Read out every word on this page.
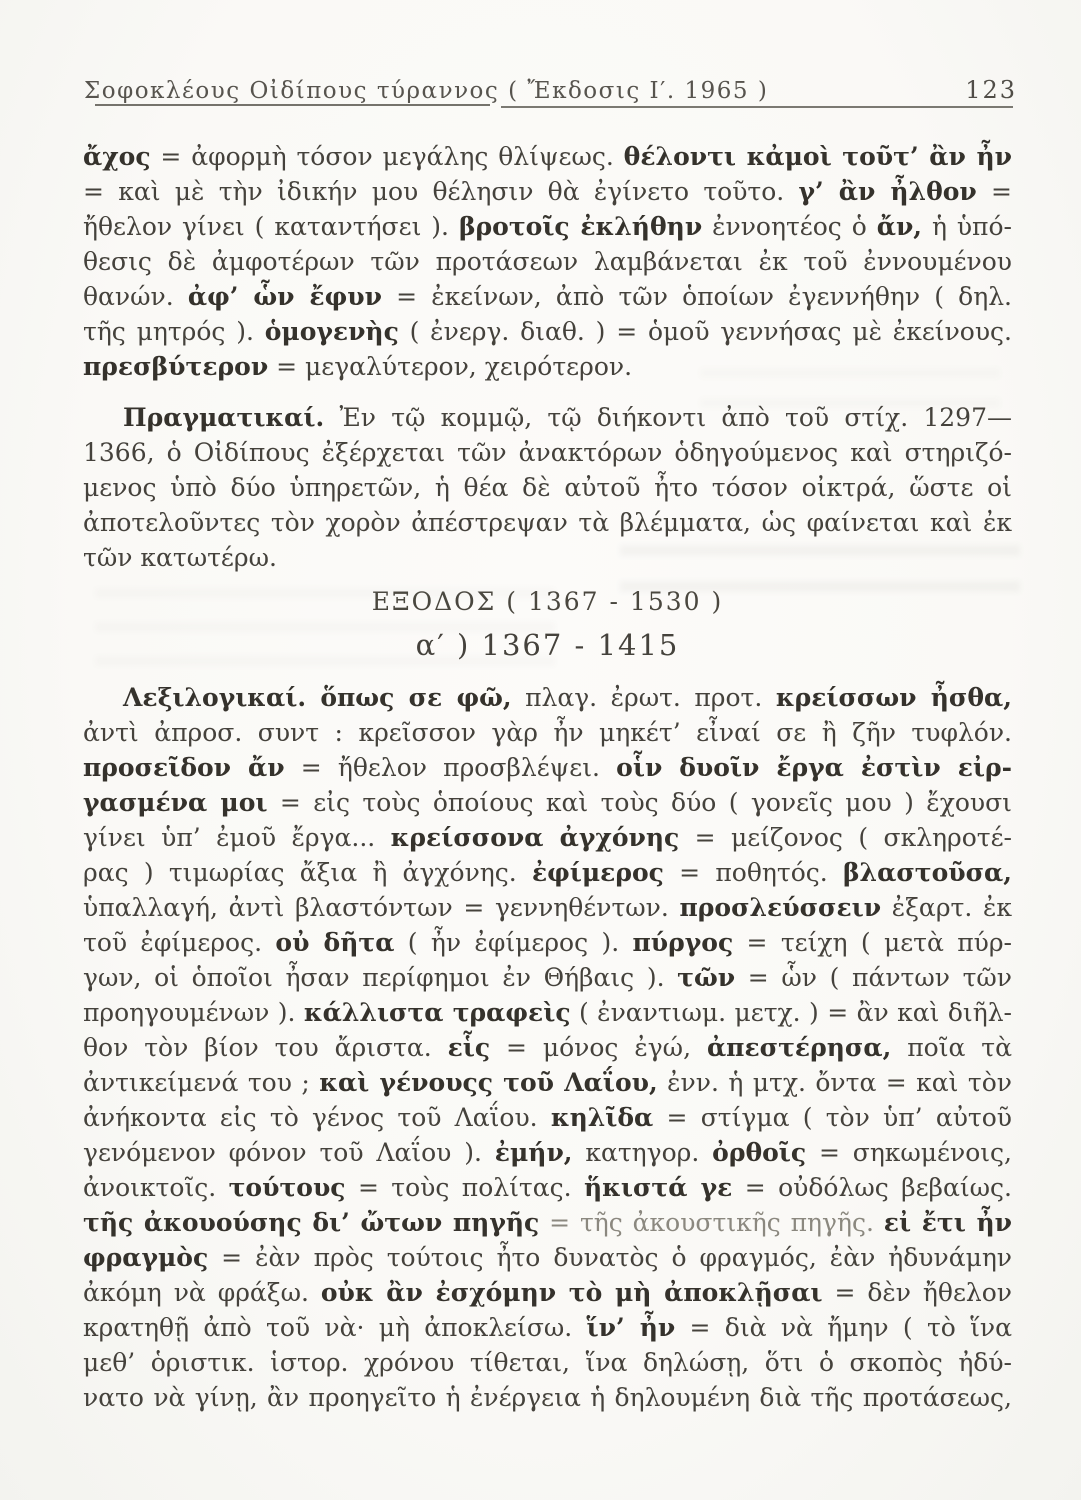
Σοφοκλέους Οἰδίπους τύραννος ( Ἔκδοσις Ι′. 1965 )	123
ἄχος = ἀφορμὴ τόσον μεγάλης θλίψεως. θέλοντι κἀμοὶ τοῦτ’ ἂν ἦν
= καὶ μὲ τὴν ἰδικήν μου θέλησιν θὰ ἐγίνετο τοῦτο. γ’ ἂν ἦλθον =
ἤθελον γίνει ( καταντήσει ). βροτοῖς ἐκλήθην ἐννοητέος ὁ ἄν, ἡ ὑπό-
θεσις δὲ ἀμφοτέρων τῶν προτάσεων λαμβάνεται ἐκ τοῦ ἐννουμένου
θανών. ἀφ’ ὧν ἔφυν = ἐκείνων, ἀπὸ τῶν ὁποίων ἐγεννήθην ( δηλ.
τῆς μητρός ). ὁμογενὴς ( ἐνεργ. διαθ. ) = ὁμοῦ γεννήσας μὲ ἐκείνους.
πρεσβύτερον = μεγαλύτερον, χειρότερον.
Πραγματικαί. Ἐν τῷ κομμῷ, τῷ διήκοντι ἀπὸ τοῦ στίχ. 1297—
1366, ὁ Οἰδίπους ἐξέρχεται τῶν ἀνακτόρων ὁδηγούμενος καὶ στηριζό-
μενος ὑπὸ δύο ὑπηρετῶν, ἡ θέα δὲ αὐτοῦ ἦτο τόσον οἰκτρά, ὥστε οἱ
ἀποτελοῦντες τὸν χορὸν ἀπέστρεψαν τὰ βλέμματα, ὡς φαίνεται καὶ ἐκ
τῶν κατωτέρω.
ΕΞΟΔΟΣ ( 1367 - 1530 )
α′ ) 1367 - 1415
Λεξιλογικαί. ὅπως σε φῶ, πλαγ. ἐρωτ. προτ. κρείσσων ἦσθα,
ἀντὶ ἀπροσ. συντ : κρεῖσσον γὰρ ἦν μηκέτ’ εἶναί σε ἢ ζῆν τυφλόν.
προσεῖδον ἄν = ἤθελον προσβλέψει. οἷν δυοῖν ἔργα ἐστὶν εἰρ-
γασμένα μοι = εἰς τοὺς ὁποίους καὶ τοὺς δύο ( γονεῖς μου ) ἔχουσι
γίνει ὑπ’ ἐμοῦ ἔργα... κρείσσονα ἀγχόνης = μείζονος ( σκληροτέ-
ρας ) τιμωρίας ἄξια ἢ ἀγχόνης. ἐφίμερος = ποθητός. βλαστοῦσα,
ὑπαλλαγή, ἀντὶ βλαστόντων = γεννηθέντων. προσλεύσσειν ἐξαρτ. ἐκ
τοῦ ἐφίμερος. οὐ δῆτα ( ἦν ἐφίμερος ). πύργος = τείχη ( μετὰ πύρ-
γων, οἱ ὁποῖοι ἦσαν περίφημοι ἐν Θήβαις ). τῶν = ὧν ( πάντων τῶν
προηγουμένων ). κάλλιστα τραφεὶς ( ἐναντιωμ. μετχ. ) = ἂν καὶ διῆλ-
θον τὸν βίον του ἄριστα. εἷς = μόνος ἐγώ, ἀπεστέρησα, ποῖα τὰ
ἀντικείμενά του ; καὶ γένουςς τοῦ Λαΐου, ἐνν. ἡ μτχ. ὄντα = καὶ τὸν
ἀνήκοντα εἰς τὸ γένος τοῦ Λαΐου. κηλῖδα = στίγμα ( τὸν ὑπ’ αὐτοῦ
γενόμενον φόνον τοῦ Λαΐου ). ἐμήν, κατηγορ. ὀρθοῖς = σηκωμένοις,
ἀνοικτοῖς. τούτους = τοὺς πολίτας. ἥκιστά γε = οὐδόλως βεβαίως.
τῆς ἀκουούσης δι’ ὤτων πηγῆς = τῆς ἀκουστικῆς πηγῆς. εἰ ἔτι ἦν
φραγμὸς = ἐὰν πρὸς τούτοις ἦτο δυνατὸς ὁ φραγμός, ἐὰν ἠδυνάμην
ἀκόμη νὰ φράξω. οὐκ ἂν ἐσχόμην τὸ μὴ ἀποκλῇσαι = δὲν ἤθελον
κρατηθῇ ἀπὸ τοῦ νὰ· μὴ ἀποκλείσω. ἵν’ ἦν = διὰ νὰ ἤμην ( τὸ ἵνα
μεθ’ ὁριστικ. ἱστορ. χρόνου τίθεται, ἵνα δηλώσῃ, ὅτι ὁ σκοπὸς ἠδύ-
νατο νὰ γίνῃ, ἂν προηγεῖτο ἡ ἐνέργεια ἡ δηλουμένη διὰ τῆς προτάσεως,
